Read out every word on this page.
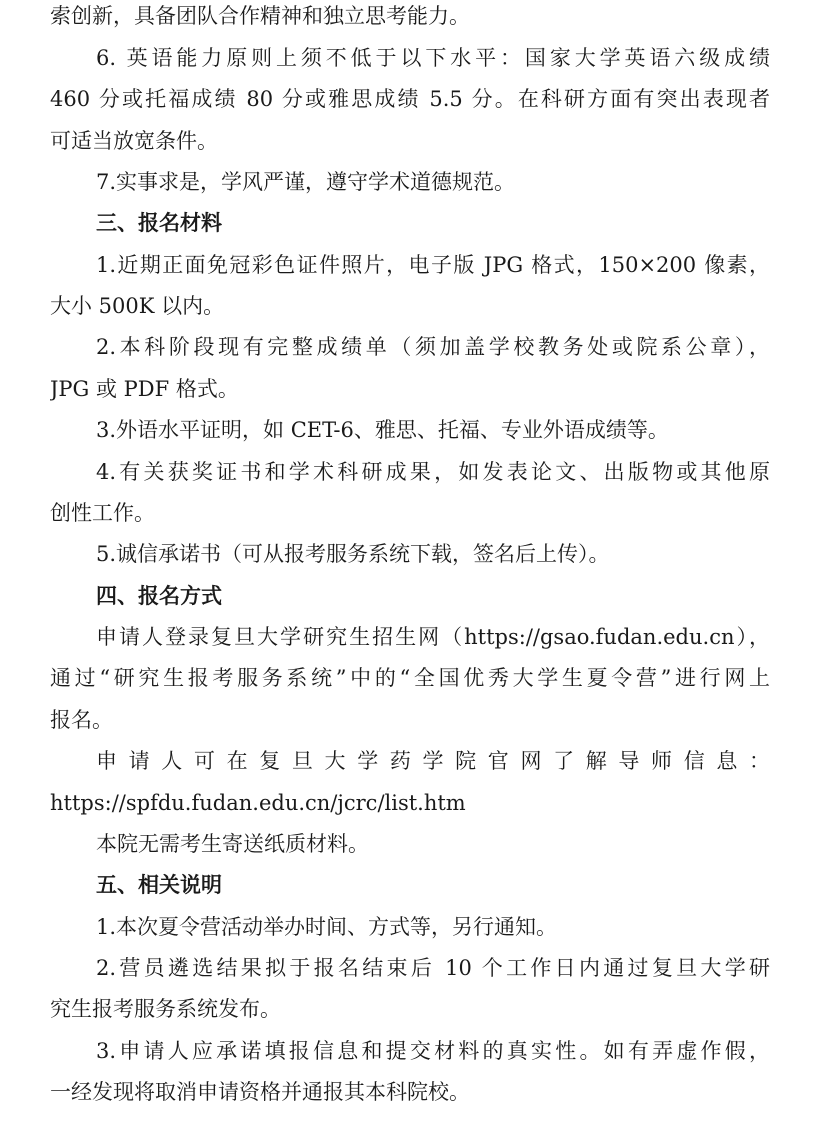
索创新，具备团队合作精神和独立思考能力。
6. 英语能力原则上须不低于以下水平：国家大学英语六级成绩
460 分或托福成绩 80 分或雅思成绩 5.5 分。在科研方面有突出表现者
可适当放宽条件。
7.实事求是，学风严谨，遵守学术道德规范。
三、报名材料
1.近期正面免冠彩色证件照片，电子版 JPG 格式，150×200 像素，
大小 500K 以内。
2.本科阶段现有完整成绩单（须加盖学校教务处或院系公章），
JPG 或 PDF 格式。
3.外语水平证明，如 CET-6、雅思、托福、专业外语成绩等。
4.有关获奖证书和学术科研成果，如发表论文、出版物或其他原
创性工作。
5.诚信承诺书（可从报考服务系统下载，签名后上传）。
四、报名方式
申请人登录复旦大学研究生招生网（https://gsao.fudan.edu.cn），
通过“研究生报考服务系统”中的“全国优秀大学生夏令营”进行网上
报名。
申请人可在复旦大学药学院官网了解导师信息：
https://spfdu.fudan.edu.cn/jcrc/list.htm
本院无需考生寄送纸质材料。
五、相关说明
1.本次夏令营活动举办时间、方式等，另行通知。
2.营员遴选结果拟于报名结束后 10 个工作日内通过复旦大学研
究生报考服务系统发布。
3.申请人应承诺填报信息和提交材料的真实性。如有弄虚作假，
一经发现将取消申请资格并通报其本科院校。
